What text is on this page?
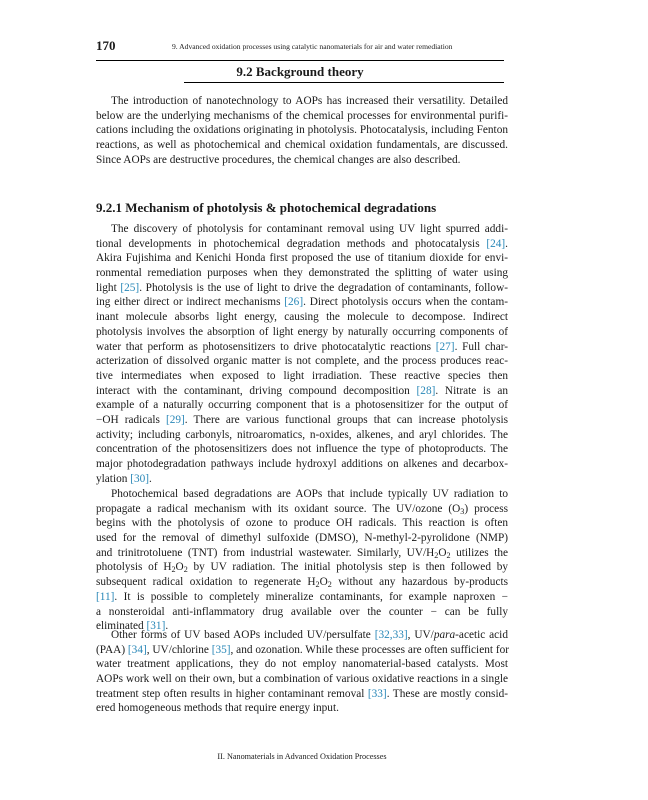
170	9. Advanced oxidation processes using catalytic nanomaterials for air and water remediation
9.2 Background theory
The introduction of nanotechnology to AOPs has increased their versatility. Detailed
below are the underlying mechanisms of the chemical processes for environmental purifi-
cations including the oxidations originating in photolysis. Photocatalysis, including Fenton
reactions, as well as photochemical and chemical oxidation fundamentals, are discussed.
Since AOPs are destructive procedures, the chemical changes are also described.
9.2.1 Mechanism of photolysis & photochemical degradations
The discovery of photolysis for contaminant removal using UV light spurred addi-
tional developments in photochemical degradation methods and photocatalysis [24].
Akira Fujishima and Kenichi Honda first proposed the use of titanium dioxide for envi-
ronmental remediation purposes when they demonstrated the splitting of water using
light [25]. Photolysis is the use of light to drive the degradation of contaminants, follow-
ing either direct or indirect mechanisms [26]. Direct photolysis occurs when the contam-
inant molecule absorbs light energy, causing the molecule to decompose. Indirect
photolysis involves the absorption of light energy by naturally occurring components of
water that perform as photosensitizers to drive photocatalytic reactions [27]. Full char-
acterization of dissolved organic matter is not complete, and the process produces reac-
tive intermediates when exposed to light irradiation. These reactive species then
interact with the contaminant, driving compound decomposition [28]. Nitrate is an
example of a naturally occurring component that is a photosensitizer for the output of
−OH radicals [29]. There are various functional groups that can increase photolysis
activity; including carbonyls, nitroaromatics, n-oxides, alkenes, and aryl chlorides. The
concentration of the photosensitizers does not influence the type of photoproducts. The
major photodegradation pathways include hydroxyl additions on alkenes and decarbox-
ylation [30].
Photochemical based degradations are AOPs that include typically UV radiation to
propagate a radical mechanism with its oxidant source. The UV/ozone $(O_3)$ process
begins with the photolysis of ozone to produce OH radicals. This reaction is often
used for the removal of dimethyl sulfoxide (DMSO), N-methyl-2-pyrolidone (NMP)
and trinitrotoluene (TNT) from industrial wastewater. Similarly, $UV/H_2O_2$ utilizes the
photolysis of $H_2O_2$ by UV radiation. The initial photolysis step is then followed by
subsequent radical oxidation to regenerate $H_2O_2$ without any hazardous by-products
[11]. It is possible to completely mineralize contaminants, for example naproxen −
a nonsteroidal anti-inflammatory drug available over the counter − can be fully
eliminated [31].
Other forms of UV based AOPs included UV/persulfate [32,33], UV/para-acetic acid
(PAA) [34], UV/chlorine [35], and ozonation. While these processes are often sufficient for
water treatment applications, they do not employ nanomaterial-based catalysts. Most
AOPs work well on their own, but a combination of various oxidative reactions in a single
treatment step often results in higher contaminant removal [33]. These are mostly consid-
ered homogeneous methods that require energy input.
II. Nanomaterials in Advanced Oxidation Processes
